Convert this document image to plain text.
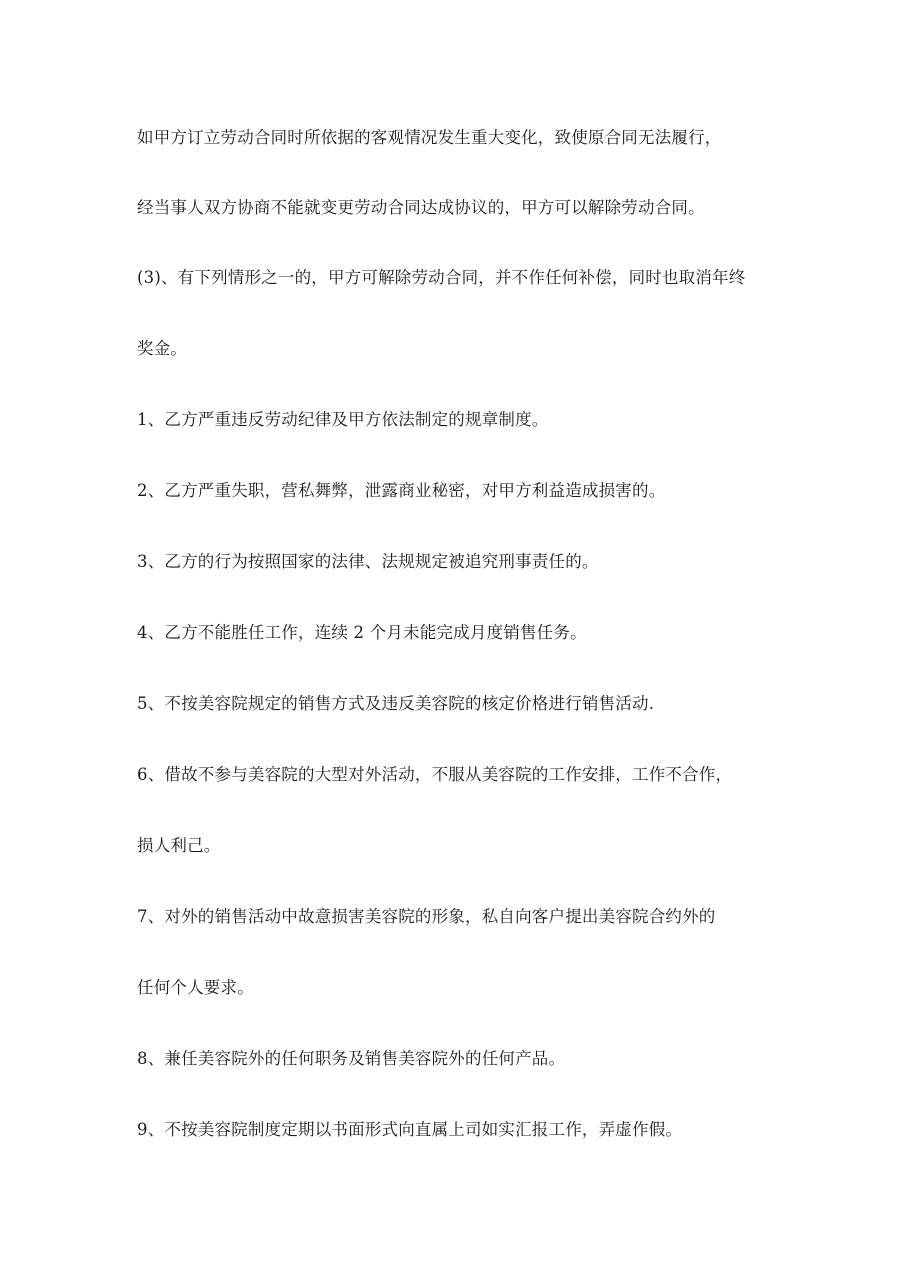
如甲方订立劳动合同时所依据的客观情况发生重大变化，致使原合同无法履行，

经当事人双方协商不能就变更劳动合同达成协议的，甲方可以解除劳动合同。

(3)、有下列情形之一的，甲方可解除劳动合同，并不作任何补偿，同时也取消年终

奖金。

1、乙方严重违反劳动纪律及甲方依法制定的规章制度。

2、乙方严重失职，营私舞弊，泄露商业秘密，对甲方利益造成损害的。

3、乙方的行为按照国家的法律、法规规定被追究刑事责任的。

4、乙方不能胜任工作，连续 2 个月未能完成月度销售任务。

5、不按美容院规定的销售方式及违反美容院的核定价格进行销售活动.

6、借故不参与美容院的大型对外活动，不服从美容院的工作安排，工作不合作，

损人利己。

7、对外的销售活动中故意损害美容院的形象，私自向客户提出美容院合约外的

任何个人要求。

8、兼任美容院外的任何职务及销售美容院外的任何产品。

9、不按美容院制度定期以书面形式向直属上司如实汇报工作，弄虚作假。
